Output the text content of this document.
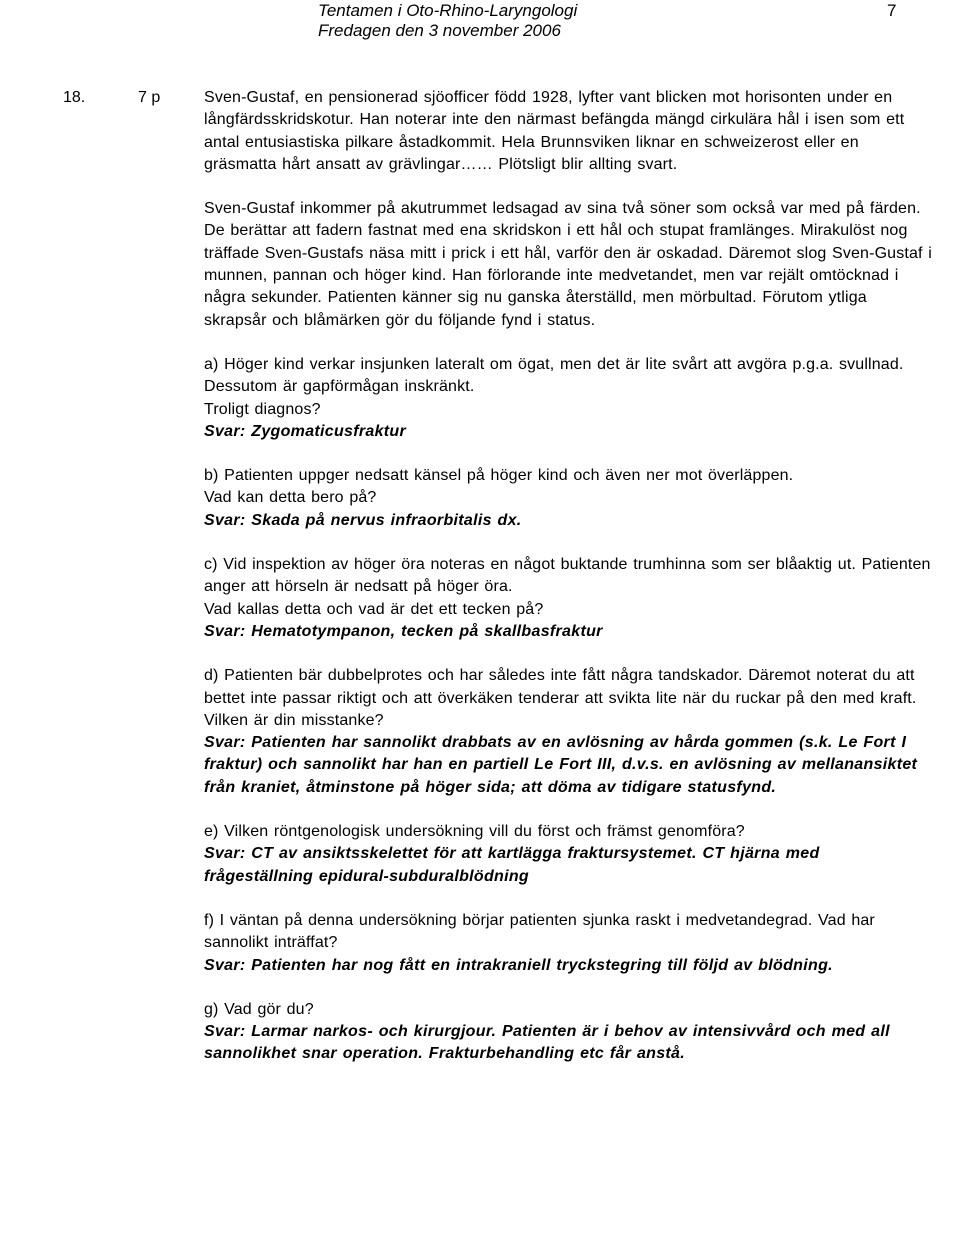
Tentamen i Oto-Rhino-Laryngologi
Fredagen den 3 november 2006
7
18.	7 p	Sven-Gustaf, en pensionerad sjöofficer född 1928, lyfter vant blicken mot horisonten under en långfärdsskridskotur. Han noterar inte den närmast befängda mängd cirkulära hål i isen som ett antal entusiastiska pilkare åstadkommit. Hela Brunnsviken liknar en schweizerost eller en gräsmatta hårt ansatt av grävlingar…… Plötsligt blir allting svart.

Sven-Gustaf inkommer på akutrummet ledsagad av sina två söner som också var med på färden. De berättar att fadern fastnat med ena skridskon i ett hål och stupat framlänges. Mirakulöst nog träffade Sven-Gustafs näsa mitt i prick i ett hål, varför den är oskadad. Däremot slog Sven-Gustaf i munnen, pannan och höger kind. Han förlorande inte medvetandet, men var rejält omtöcknad i några sekunder. Patienten känner sig nu ganska återställd, men mörbultad. Förutom ytliga skrapsår och blåmärken gör du följande fynd i status.

a) Höger kind verkar insjunken lateralt om ögat, men det är lite svårt att avgöra p.g.a. svullnad. Dessutom är gapförmågan inskränkt.

Troligt diagnos?

Svar: Zygomaticusfraktur

b) Patienten uppger nedsatt känsel på höger kind och även ner mot överläppen.

Vad kan detta bero på?

Svar: Skada på nervus infraorbitalis dx.

c) Vid inspektion av höger öra noteras en något buktande trumhinna som ser blåaktig ut. Patienten anger att hörseln är nedsatt på höger öra.

Vad kallas detta och vad är det ett tecken på?

Svar: Hematotympanon, tecken på skallbasfraktur

d) Patienten bär dubbelprotes och har således inte fått några tandskador. Däremot noterat du att bettet inte passar riktigt och att överkäken tenderar att svikta lite när du ruckar på den med kraft.

Vilken är din misstanke?

Svar: Patienten har sannolikt drabbats av en avlösning av hårda gommen (s.k. Le Fort I fraktur) och sannolikt har han en partiell Le Fort III, d.v.s. en avlösning av mellanansiktet från kraniet, åtminstone på höger sida; att döma av tidigare statusfynd.

e) Vilken röntgenologisk undersökning vill du först och främst genomföra?

Svar: CT av ansiktsskelettet för att kartlägga fraktursystemet. CT hjärna med frågeställning epidural-subduralblödning

f) I väntan på denna undersökning börjar patienten sjunka raskt i medvetandegrad. Vad har sannolikt inträffat?

Svar: Patienten har nog fått en intrakraniell tryckstegring till följd av blödning.

g) Vad gör du?

Svar: Larmar narkos- och kirurgjour. Patienten är i behov av intensivvård och med all sannolikhet snar operation. Frakturbehandling etc får anstå.
